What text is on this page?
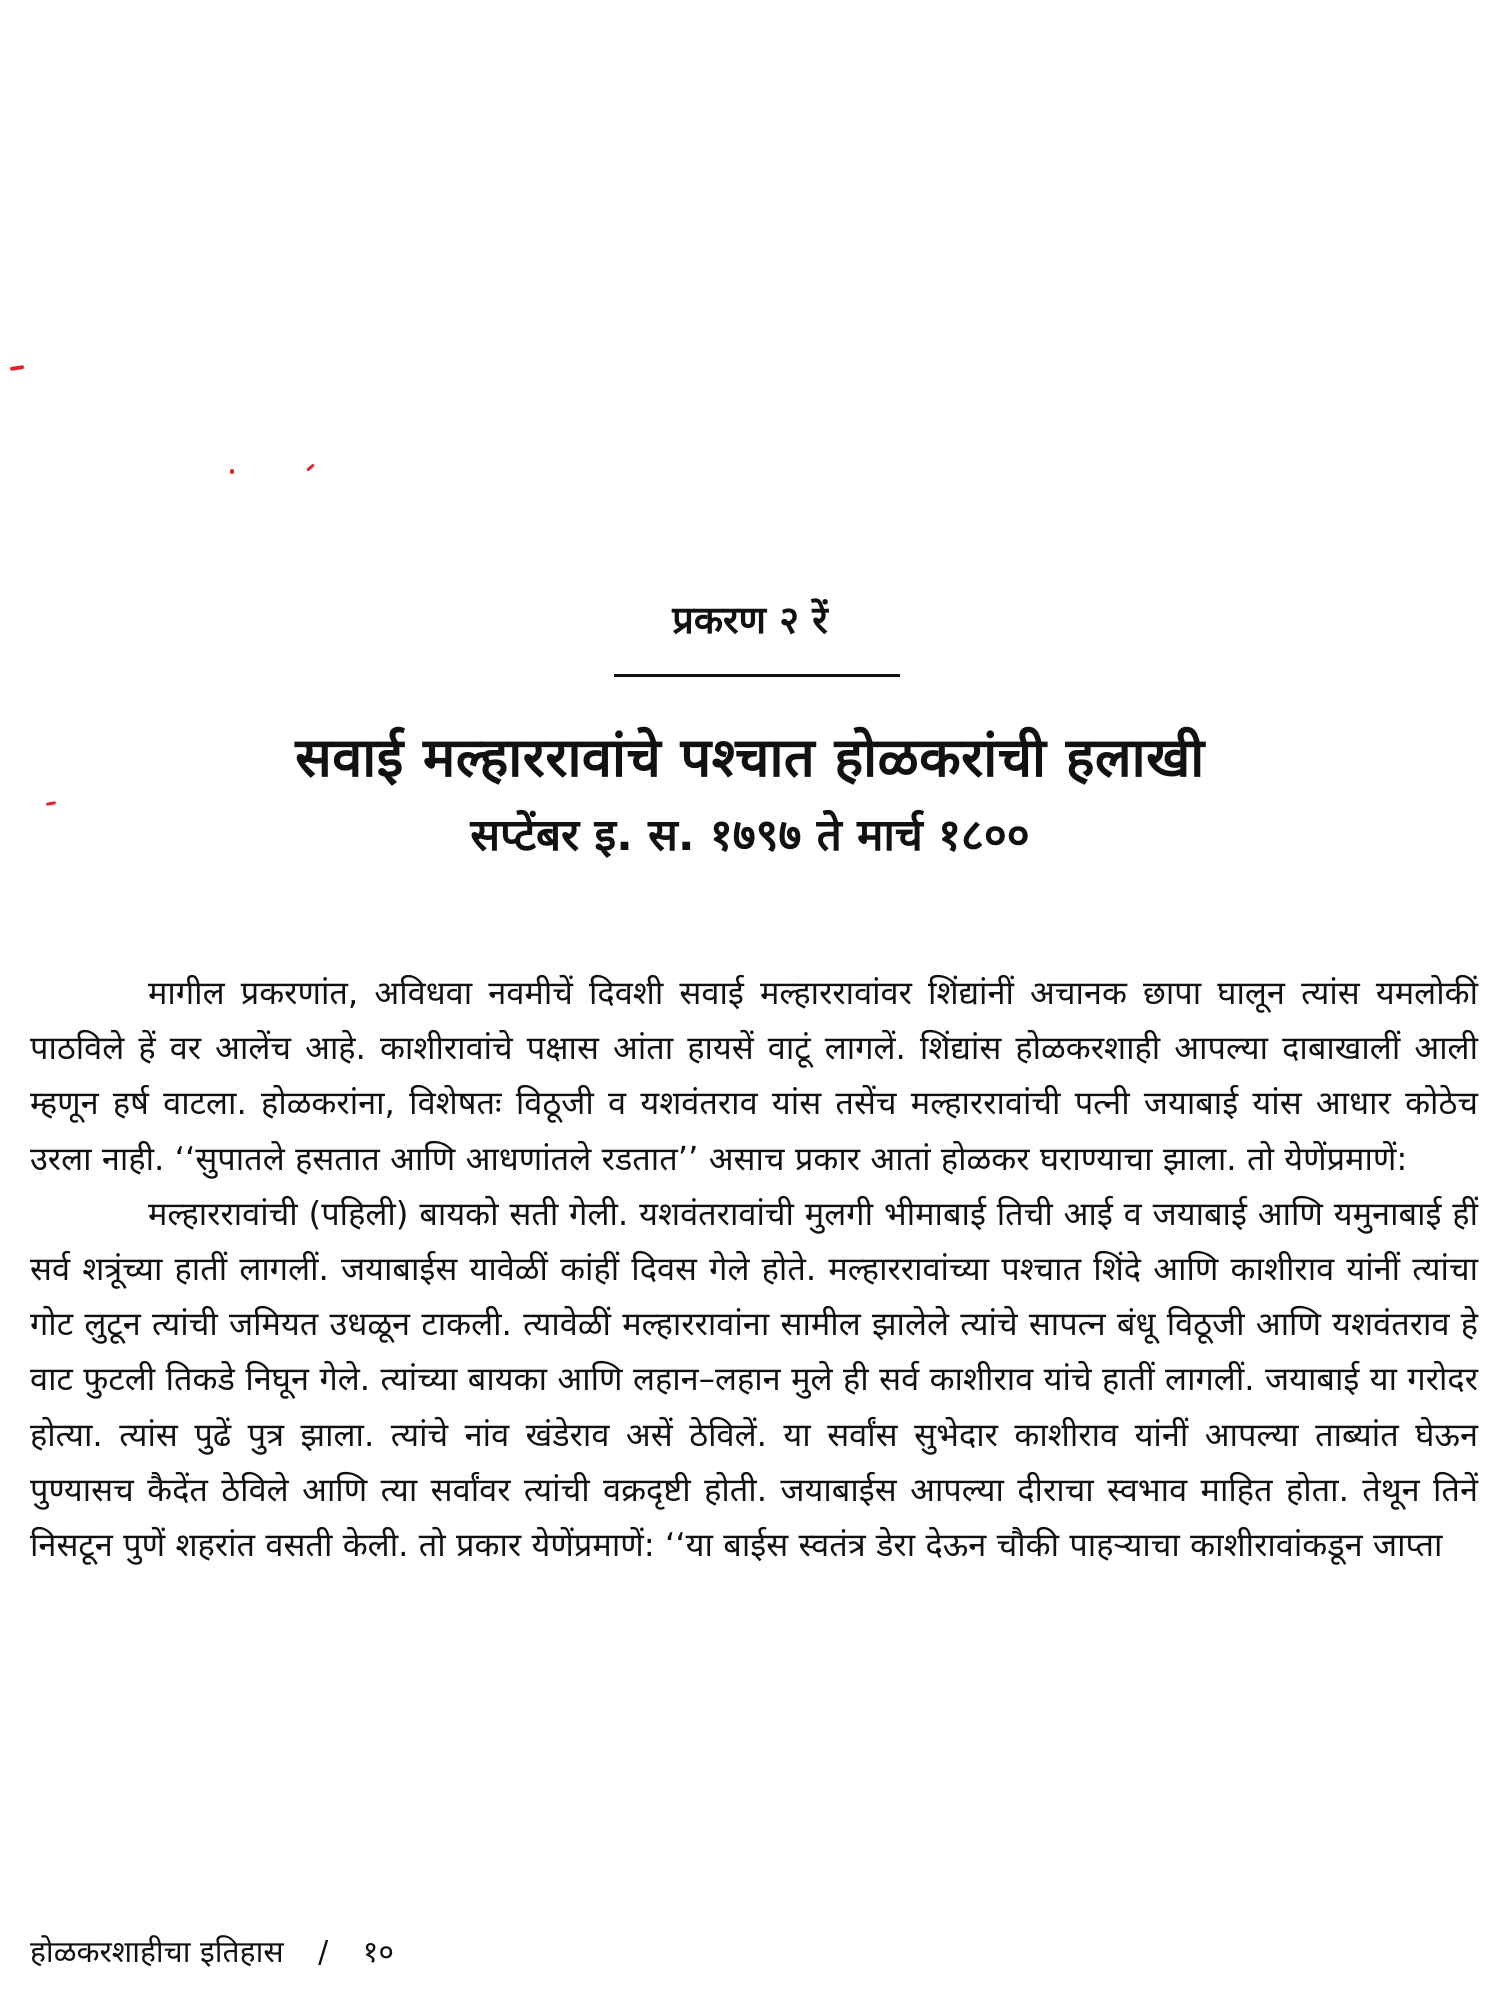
प्रकरण २ रें
सवाई मल्हाररावांचे पश्चात होळकरांची हलाखी
सप्टेंबर इ. स. १७९७ ते मार्च १८००

मागील प्रकरणांत, अविधवा नवमीचें दिवशी सवाई मल्हाररावांवर शिंद्यांनीं अचानक छापा घालून त्यांस यमलोकीं पाठविले हें वर आलेंच आहे. काशीरावांचे पक्षास आंता हायसें वाटूं लागलें. शिंद्यांस होळकरशाही आपल्या दाबाखालीं आली म्हणून हर्ष वाटला. होळकरांना, विशेषतः विठूजी व यशवंतराव यांस तसेंच मल्हाररावांची पत्नी जयाबाई यांस आधार कोठेच उरला नाही. ‘‘सुपातले हसतात आणि आधणांतले रडतात’’ असाच प्रकार आतां होळकर घराण्याचा झाला. तो येणेंप्रमाणें:

मल्हाररावांची (पहिली) बायको सती गेली. यशवंतरावांची मुलगी भीमाबाई तिची आई व जयाबाई आणि यमुनाबाई हीं सर्व शत्रूंच्या हातीं लागलीं. जयाबाईस यावेळीं कांहीं दिवस गेले होते. मल्हाररावांच्या पश्चात शिंदे आणि काशीराव यांनीं त्यांचा गोट लुटून त्यांची जमियत उधळून टाकली. त्यावेळीं मल्हाररावांना सामील झालेले त्यांचे सापत्न बंधू विठूजी आणि यशवंतराव हे वाट फुटली तिकडे निघून गेले. त्यांच्या बायका आणि लहान–लहान मुले ही सर्व काशीराव यांचे हातीं लागलीं. जयाबाई या गरोदर होत्या. त्यांस पुढें पुत्र झाला. त्यांचे नांव खंडेराव असें ठेविलें. या सर्वांस सुभेदार काशीराव यांनीं आपल्या ताब्यांत घेऊन पुण्यासच कैदेंत ठेविले आणि त्या सर्वांवर त्यांची वक्रदृष्टी होती. जयाबाईस आपल्या दीराचा स्वभाव माहित होता. तेथून तिनें निसटून पुणें शहरांत वसती केली. तो प्रकार येणेंप्रमाणें: ‘‘या बाईस स्वतंत्र डेरा देऊन चौकी पाहऱ्याचा काशीरावांकडून जाप्ता

होळकरशाहीचा इतिहास / १०
